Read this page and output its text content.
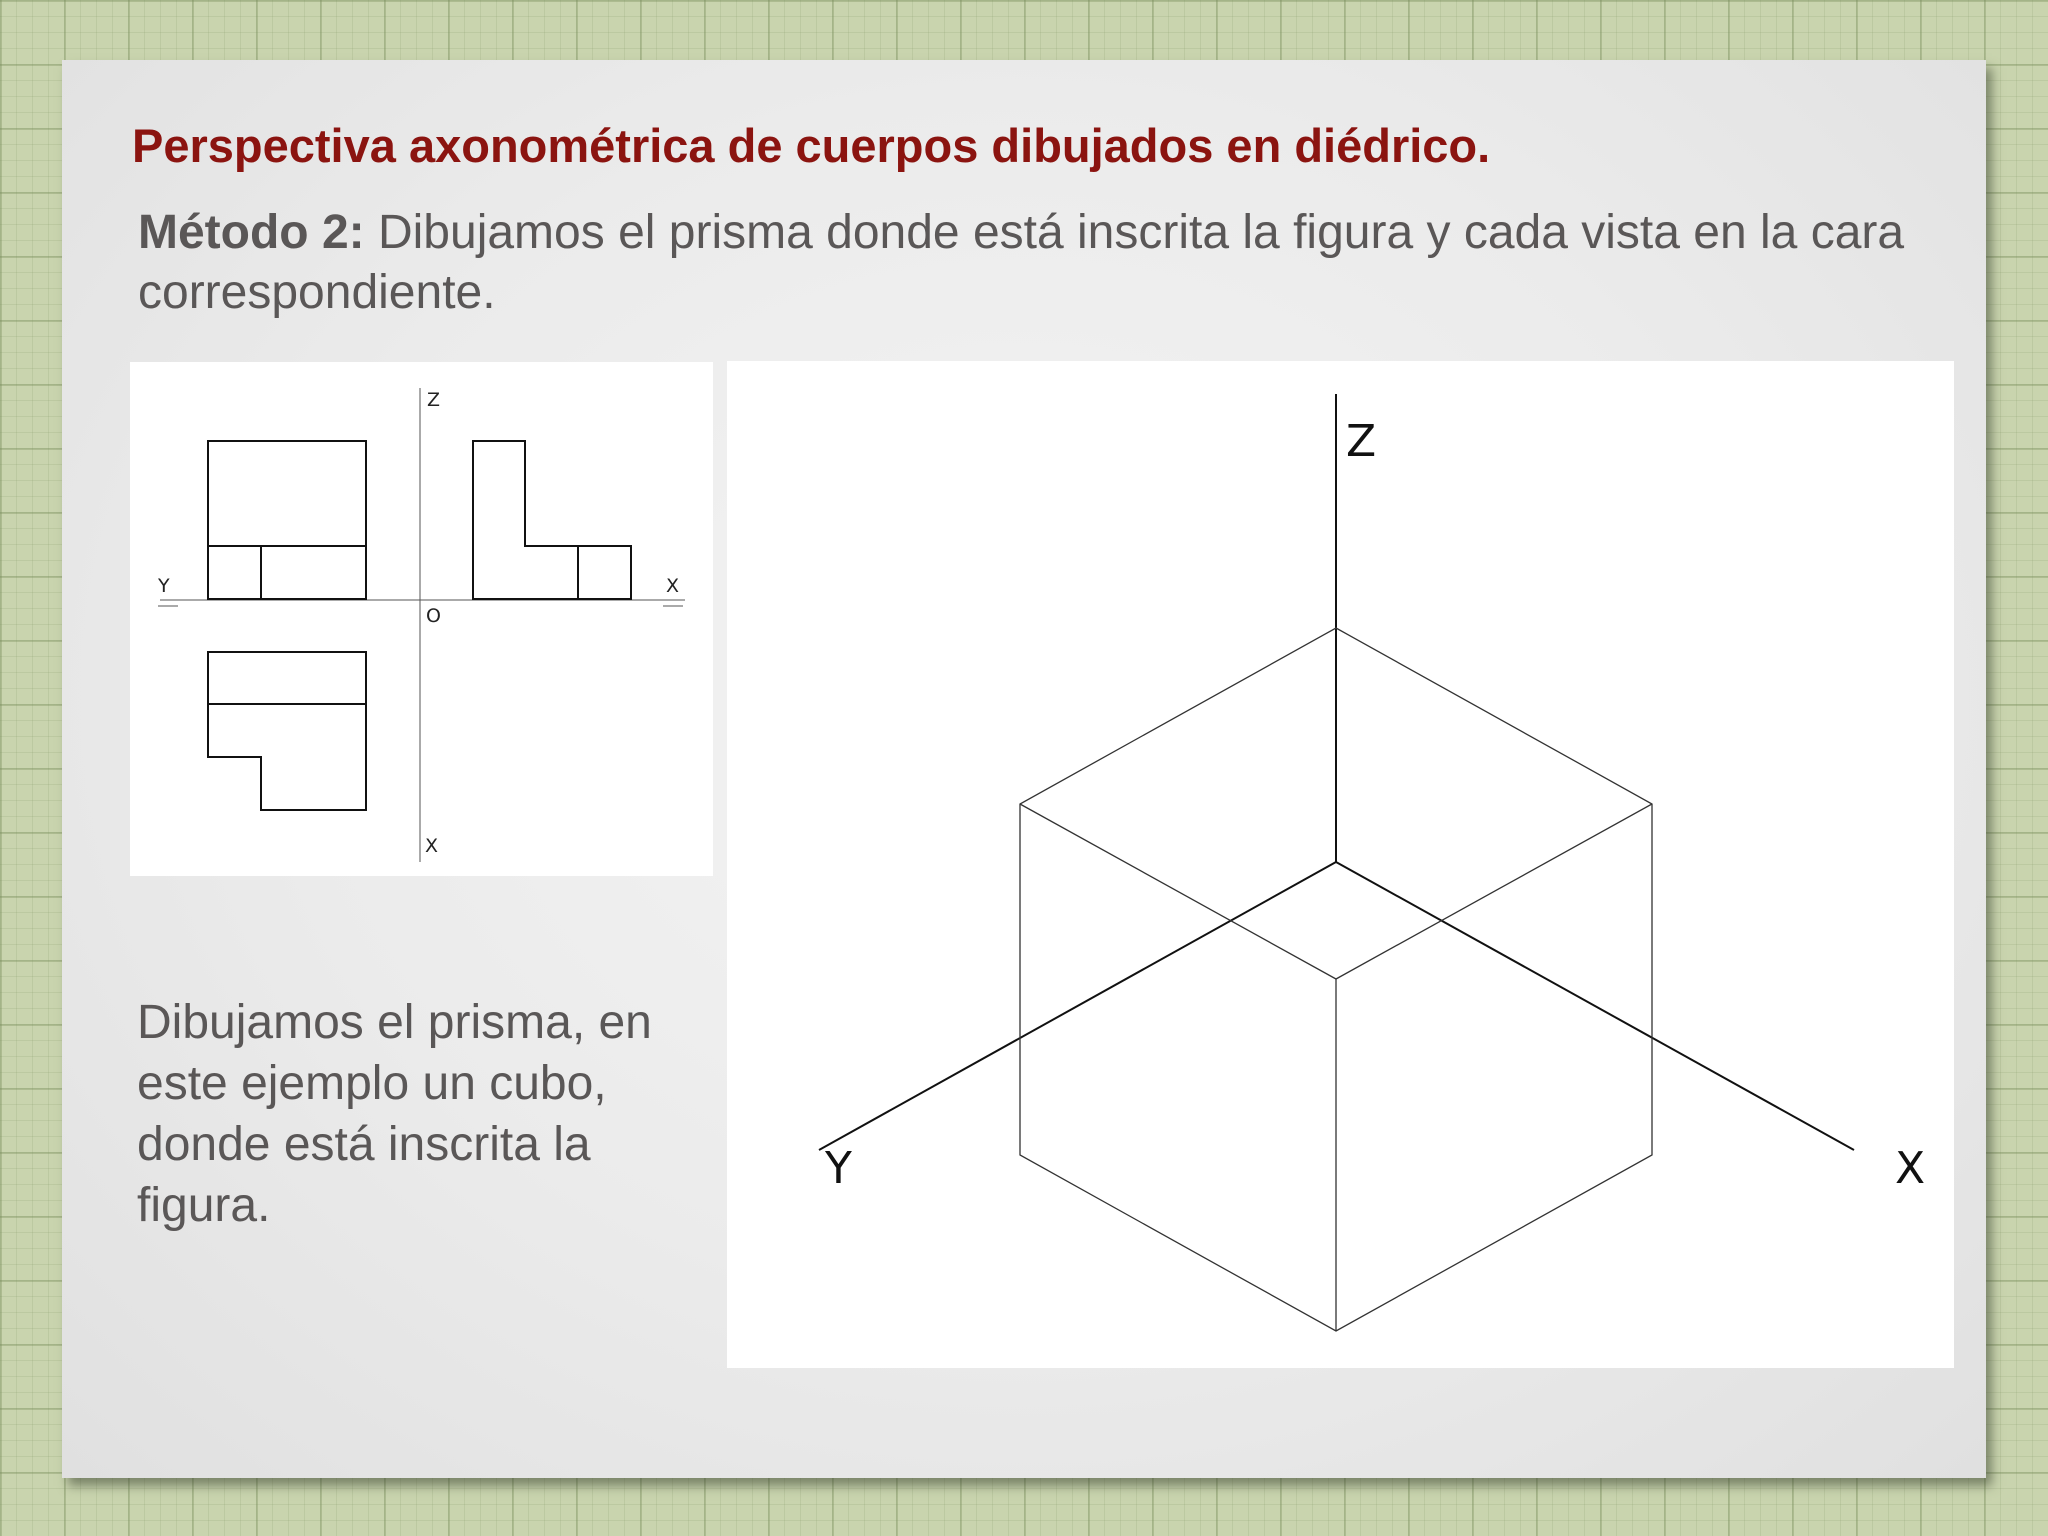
Perspectiva axonométrica de cuerpos dibujados en diédrico.

Método 2: Dibujamos el prisma donde está inscrita la figura y cada vista en la cara correspondiente.

Z
Y	X
O
X
Z
Y	X

Dibujamos el prisma, en este ejemplo un cubo, donde está inscrita la figura.
